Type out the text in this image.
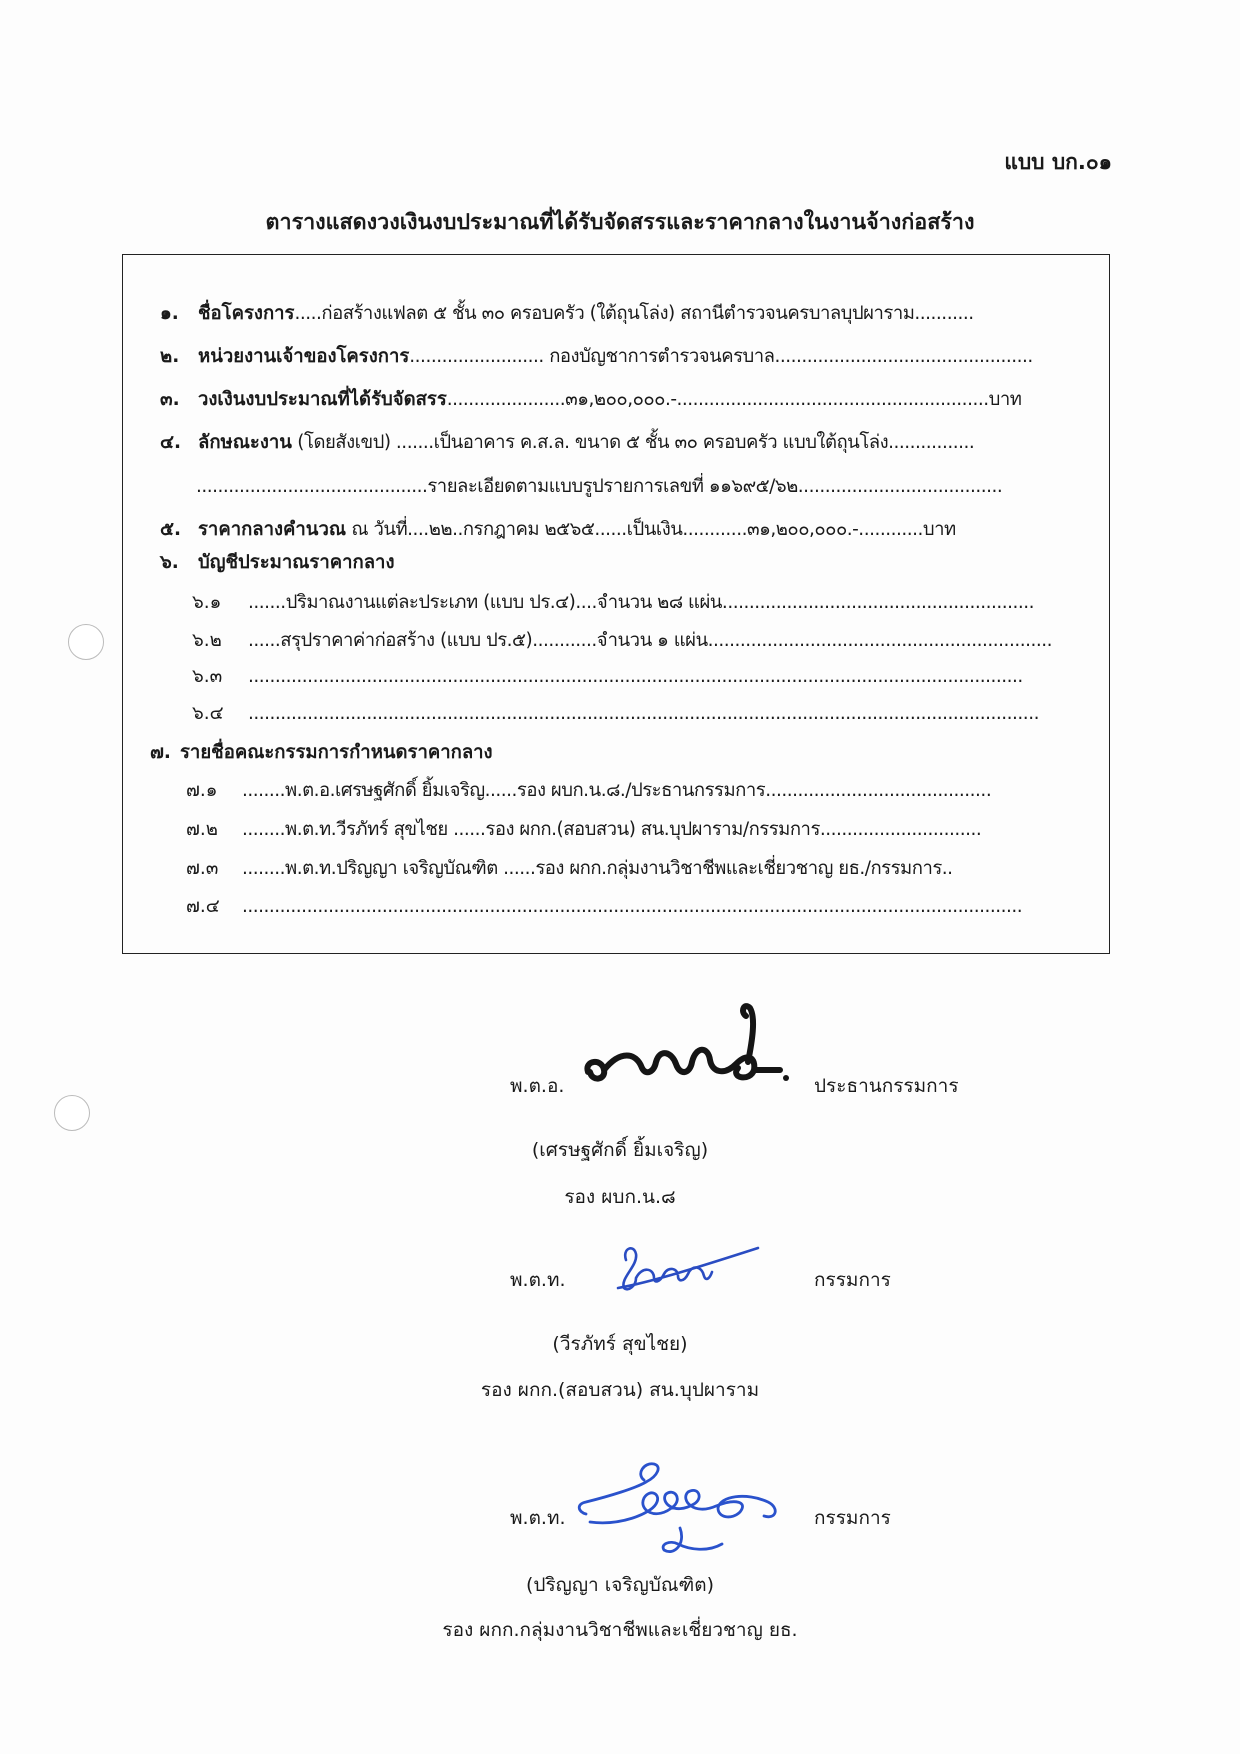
แบบ บก.๐๑
ตารางแสดงวงเงินงบประมาณที่ได้รับจัดสรรและราคากลางในงานจ้างก่อสร้าง
๑. ชื่อโครงการ.....ก่อสร้างแฟลต ๕ ชั้น ๓๐ ครอบครัว (ใต้ถุนโล่ง) สถานีตำรวจนครบาลบุปผาราม...........
๒. หน่วยงานเจ้าของโครงการ......................... กองบัญชาการตำรวจนครบาล................................................
๓. วงเงินงบประมาณที่ได้รับจัดสรร......................๓๑,๒๐๐,๐๐๐.-..........................................................บาท
๔. ลักษณะงาน (โดยสังเขป) .......เป็นอาคาร ค.ส.ล. ขนาด ๕ ชั้น ๓๐ ครอบครัว แบบใต้ถุนโล่ง................
...........................................รายละเอียดตามแบบรูปรายการเลขที่ ๑๑๖๙๕/๖๒......................................
๕. ราคากลางคำนวณ ณ วันที่....๒๒..กรกฎาคม ๒๕๖๕......เป็นเงิน............๓๑,๒๐๐,๐๐๐.-............บาท
๖. บัญชีประมาณราคากลาง
๖.๑ .......ปริมาณงานแต่ละประเภท (แบบ ปร.๔)....จำนวน ๒๘ แผ่น..........................................................
๖.๒ ......สรุปราคาค่าก่อสร้าง (แบบ ปร.๕)............จำนวน ๑ แผ่น................................................................
๖.๓ ................................................................................................................................................
๖.๔ ...................................................................................................................................................
๗. รายชื่อคณะกรรมการกำหนดราคากลาง
๗.๑ ........พ.ต.อ.เศรษฐศักดิ์ ยิ้มเจริญ......รอง ผบก.น.๘./ประธานกรรมการ..........................................
๗.๒ ........พ.ต.ท.วีรภัทร์ สุขไชย ......รอง ผกก.(สอบสวน) สน.บุปผาราม/กรรมการ..............................
๗.๓ ........พ.ต.ท.ปริญญา เจริญบัณฑิต ......รอง ผกก.กลุ่มงานวิชาชีพและเชี่ยวชาญ ยธ./กรรมการ..
๗.๔ .................................................................................................................................................
พ.ต.อ.	ประธานกรรมการ
(เศรษฐศักดิ์ ยิ้มเจริญ)
รอง ผบก.น.๘
พ.ต.ท.	กรรมการ
(วีรภัทร์ สุขไชย)
รอง ผกก.(สอบสวน) สน.บุปผาราม
พ.ต.ท.	กรรมการ
(ปริญญา เจริญบัณฑิต)
รอง ผกก.กลุ่มงานวิชาชีพและเชี่ยวชาญ ยธ.
